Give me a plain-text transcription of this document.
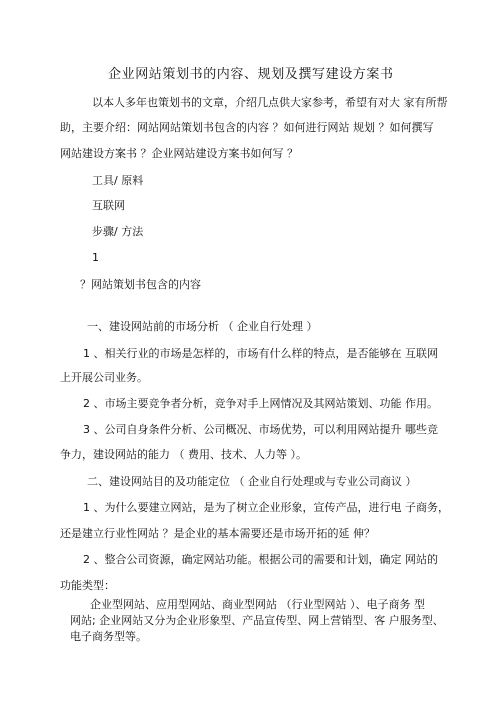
企业网站策划书的内容、规划及撰写建设方案书
以本人多年也策划书的文章，介绍几点供大家参考，希望有对大 家有所帮
助，主要介绍：网站网站策划书包含的内容 ？如何进行网站 规划 ？如何撰写
网站建设方案书 ？企业网站建设方案书如何写 ？
工具/ 原料
互联网
步骤/ 方法
1
？网站策划书包含的内容
一、建设网站前的市场分析 （ 企业自行处理 ）
1 、相关行业的市场是怎样的，市场有什么样的特点，是否能够在 互联网
上开展公司业务。
2 、市场主要竞争者分析，竞争对手上网情况及其网站策划、功能 作用。
3 、公司自身条件分析、公司概况、市场优势，可以利用网站提升 哪些竞
争力，建设网站的能力 （ 费用、技术、人力等 ）。
二、建设网站目的及功能定位 （ 企业自行处理或与专业公司商议 ）
1 、为什么要建立网站，是为了树立企业形象，宣传产品，进行电 子商务，
还是建立行业性网站 ？是企业的基本需要还是市场开拓的延 伸？
2 、整合公司资源，确定网站功能。根据公司的需要和计划，确定 网站的
功能类型：
企业型网站、应用型网站、商业型网站 （行业型网站 ）、电子商务 型
网站; 企业网站又分为企业形象型、产品宣传型、网上营销型、客 户服务型、
电子商务型等。
